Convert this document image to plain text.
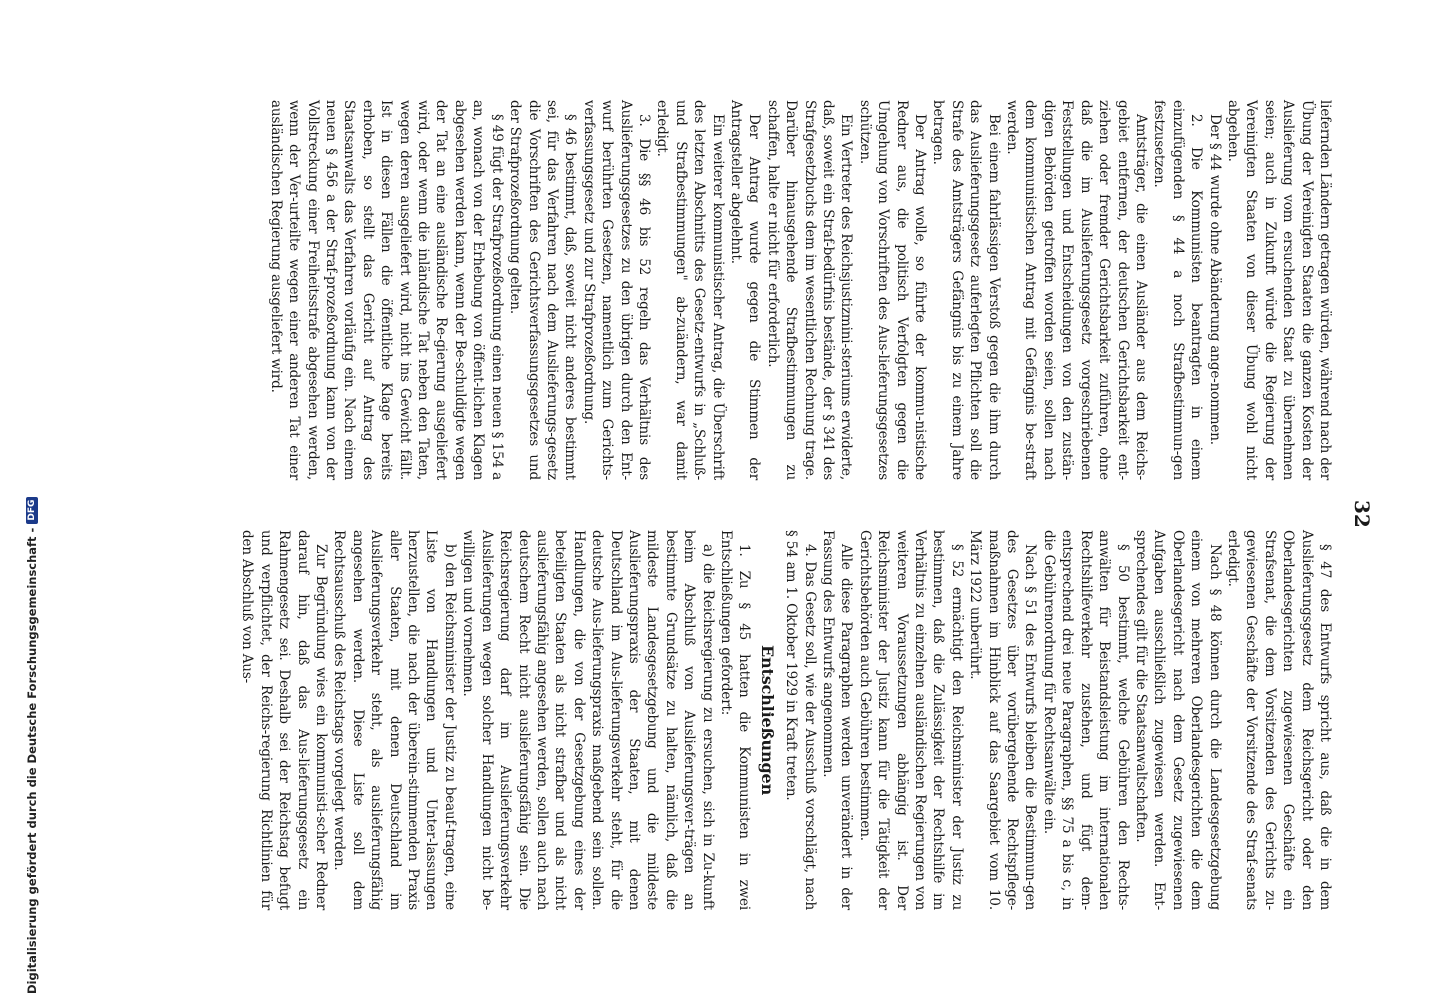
32

liefernden Ländern getragen würden, während nach der Übung der Vereinigten Staaten die ganzen Kosten der Auslieferung vom ersuchenden Staat zu übernehmen seien; auch in Zukunft würde die Regierung der Vereinigten Staaten von dieser Übung wohl nicht abgehen.

Der § 44 wurde ohne Abänderung ange-nommen.

2. Die Kommunisten beantragten in einem einzufügenden § 44 a noch Strafbestimmun-gen festzusetzen.

Amtsträger, die einen Ausländer aus dem Reichs-gebiet entfernen, der deutschen Gerichtsbarkeit ent-ziehen oder fremder Gerichtsbarkeit zuführen, ohne daß die im Auslieferungsgesetz vorgeschriebenen Feststellungen und Entscheidungen von den zustän-digen Behörden getroffen worden seien, sollen nach dem kommunistischen Antrag mit Gefängnis be-straft werden.

Bei einem fahrlässigen Verstoß gegen die ihm durch das Auslieferungsgesetz auferlegten Pflichten soll die Strafe des Amtsträgers Gefängnis bis zu einem Jahre betragen.

Der Antrag wolle, so führte der kommu-nistische Redner aus, die politisch Verfolgten gegen die Umgehung von Vorschriften des Aus-lieferungsgesetzes schützen.

Ein Vertreter des Reichsjustizmini-steriums erwiderte, daß, soweit ein Straf-bedürfnis bestände, der § 341 des Strafgesetzbuchs dem im wesentlichen Rechnung trage. Darüber hinausgehende Strafbestimmungen zu schaffen, halte er nicht für erforderlich.

Der Antrag wurde gegen die Stimmen der Antragsteller abgelehnt.

Ein weiterer kommunistischer Antrag, die Überschrift des letzten Abschnitts des Gesetz-entwurfs in „Schluß- und Strafbestimmungen" ab-zuändern, war damit erledigt.

3. Die §§ 46 bis 52 regeln das Verhältnis des Auslieferungsgesetzes zu den übrigen durch den Ent-wurf berührten Gesetzen, namentlich zum Gerichts-verfassungsgesetz und zur Strafprozeßordnung.

§ 46 bestimmt, daß, soweit nicht anderes bestimmt sei, für das Verfahren nach dem Auslieferungs-gesetz die Vorschriften des Gerichtsverfassungsgesetzes und der Strafprozeßordnung gelten.

§ 49 fügt der Strafprozeßordnung einen neuen § 154 a an, wonach von der Erhebung von öffent-lichen Klagen abgesehen werden kann, wenn der Be-schuldigte wegen der Tat an eine ausländische Re-gierung ausgeliefert wird, oder wenn die inländische Tat neben den Taten, wegen deren ausgeliefert wird, nicht ins Gewicht fällt. Ist in diesen Fällen die öffentliche Klage bereits erhoben, so stellt das Gericht auf Antrag des Staatsanwalts das Verfahren vorläufig ein. Nach einem neuen § 456 a der Straf-prozeßordnung kann von der Vollstreckung einer Freiheitsstrafe abgesehen werden, wenn der Ver-urteilte wegen einer anderen Tat einer ausländischen Regierung ausgeliefert wird.

§ 47 des Entwurfs spricht aus, daß die in dem Auslieferungsgesetz dem Reichsgericht oder den Oberlandesgerichten zugewiesenen Geschäfte ein Strafsenat, die dem Vorsitzenden des Gerichts zu-gewiesenen Geschäfte der Vorsitzende des Straf-senats erledigt.

Nach § 48 können durch die Landesgesetzgebung einem von mehreren Oberlandesgerichten die dem Oberlandesgericht nach dem Gesetz zugewiesenen Aufgaben ausschließlich zugewiesen werden. Ent-sprechendes gilt für die Staatsanwaltschaften.

§ 50 bestimmt, welche Gebühren den Rechts-anwälten für Beistandsleistung im internationalen Rechtshilfeverkehr zustehen, und fügt dem-entsprechend drei neue Paragraphen, §§ 75 a bis c, in die Gebührenordnung für Rechtsanwälte ein.

Nach § 51 des Entwurfs bleiben die Bestimmun-gen des Gesetzes über vorübergehende Rechtspflege-maßnahmen im Hinblick auf das Saargebiet vom 10. März 1922 unberührt.

§ 52 ermächtigt den Reichsminister der Justiz zu bestimmen, daß die Zulässigkeit der Rechtshilfe im Verhältnis zu einzelnen ausländischen Regierungen von weiteren Voraussetzungen abhängig ist. Der Reichsminister der Justiz kann für die Tätigkeit der Gerichtsbehörden auch Gebühren bestimmen.

Alle diese Paragraphen werden unverändert in der Fassung des Entwurfs angenommen.

4. Das Gesetz soll, wie der Ausschuß vorschlägt, nach § 54 am 1. Oktober 1929 in Kraft treten.

Entschließungen

1. Zu § 45 hatten die Kommunisten in zwei Entschließungen gefordert:

a) die Reichsregierung zu ersuchen, sich in Zu-kunft beim Abschluß von Auslieferungsver-trägen an bestimmte Grundsätze zu halten, nämlich, daß die mildeste Landesgesetzgebung und die mildeste Auslieferungspraxis der Staaten, mit denen Deutschland im Aus-lieferungsverkehr steht, für die deutsche Aus-lieferungspraxis maßgebend sein sollen. Handlungen, die von der Gesetzgebung eines der beteiligten Staaten als nicht strafbar und als nicht auslieferungsfähig angesehen werden, sollen auch nach deutschem Recht nicht auslieferungsfähig sein. Die Reichsregierung darf im Auslieferungsverkehr Auslieferungen wegen solcher Handlungen nicht be-willigen und vornehmen.

b) den Reichsminister der Justiz zu beauf-tragen, eine Liste von Handlungen und Unter-lassungen herzustellen, die nach der überein-stimmenden Praxis aller Staaten, mit denen Deutschland im Auslieferungsverkehr steht, als auslieferungsfähig angesehen werden. Diese Liste soll dem Rechtsausschuß des Reichstags vorgelegt werden.

Zur Begründung wies ein kommunisti-scher Redner darauf hin, daß das Aus-lieferungsgesetz ein Rahmengesetz sei. Deshalb sei der Reichstag befugt und verpflichtet, der Reichs-regierung Richtlinien für den Abschluß von Aus-

Digitalisierung gefördert durch die Deutsche Forschungsgemeinschaft -
DFG
